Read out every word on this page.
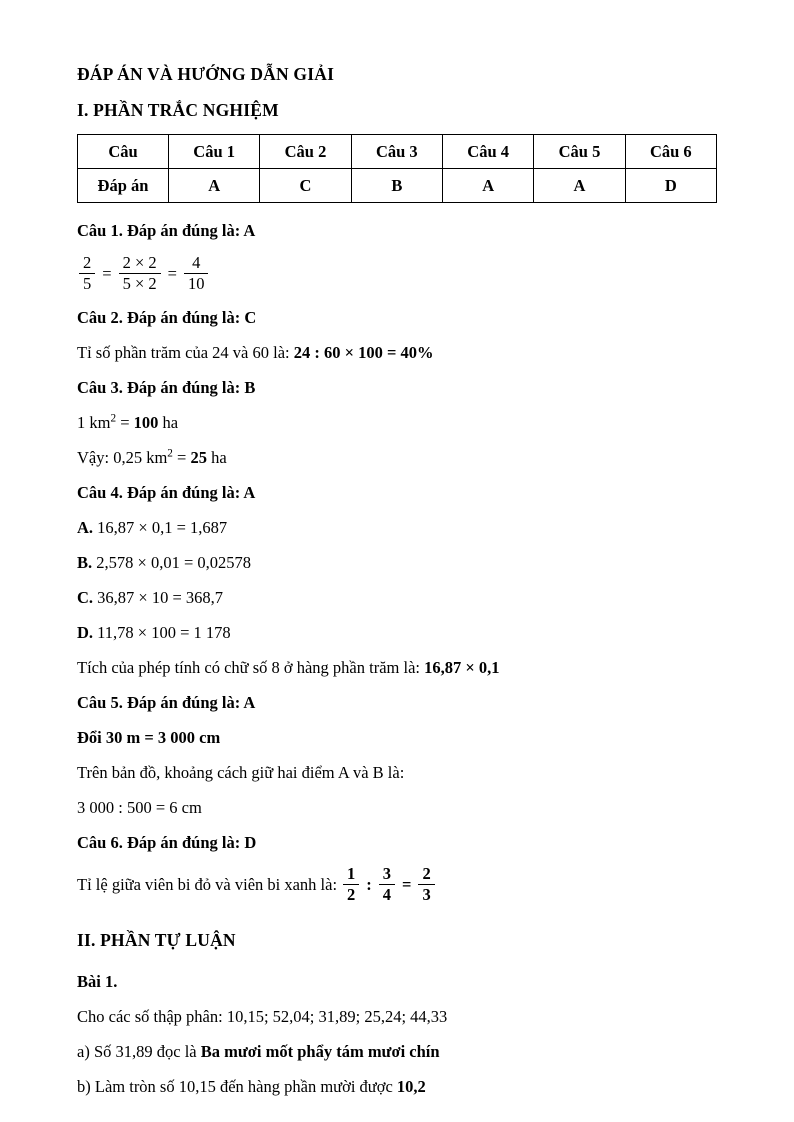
ĐÁP ÁN VÀ HƯỚNG DẪN GIẢI
I. PHẦN TRẮC NGHIỆM
Câu	Câu 1	Câu 2	Câu 3	Câu 4	Câu 5	Câu 6
Đáp án	A	C	B	A	A	D

Câu 1. Đáp án đúng là: A

$\frac{2}{5} = \frac{2 \times 2}{5 \times 2} = \frac{4}{10}$

Câu 2. Đáp án đúng là: C

Tỉ số phần trăm của 24 và 60 là: 24 : 60 × 100 = 40%

Câu 3. Đáp án đúng là: B

1 $km^2 = 100$ ha

Vậy: 0,25 $km^2 = 25$ ha

Câu 4. Đáp án đúng là: A

A. 16,87 × 0,1 = 1,687

B. 2,578 × 0,01 = 0,02578

C. 36,87 × 10 = 368,7

D. 11,78 × 100 = 1 178

Tích của phép tính có chữ số 8 ở hàng phần trăm là: 16,87 × 0,1

Câu 5. Đáp án đúng là: A

Đổi 30 m = 3 000 cm

Trên bản đồ, khoảng cách giữ hai điểm A và B là:

3 000 : 500 = 6 cm

Câu 6. Đáp án đúng là: D

Tỉ lệ giữa viên bi đỏ và viên bi xanh là: $\frac{1}{2}$ : $\frac{3}{4} = \frac{2}{3}$
II. PHẦN TỰ LUẬN

Bài 1.

Cho các số thập phân: 10,15; 52,04; 31,89; 25,24; 44,33

a) Số 31,89 đọc là Ba mươi mốt phẩy tám mươi chín

b) Làm tròn số 10,15 đến hàng phần mười được 10,2
